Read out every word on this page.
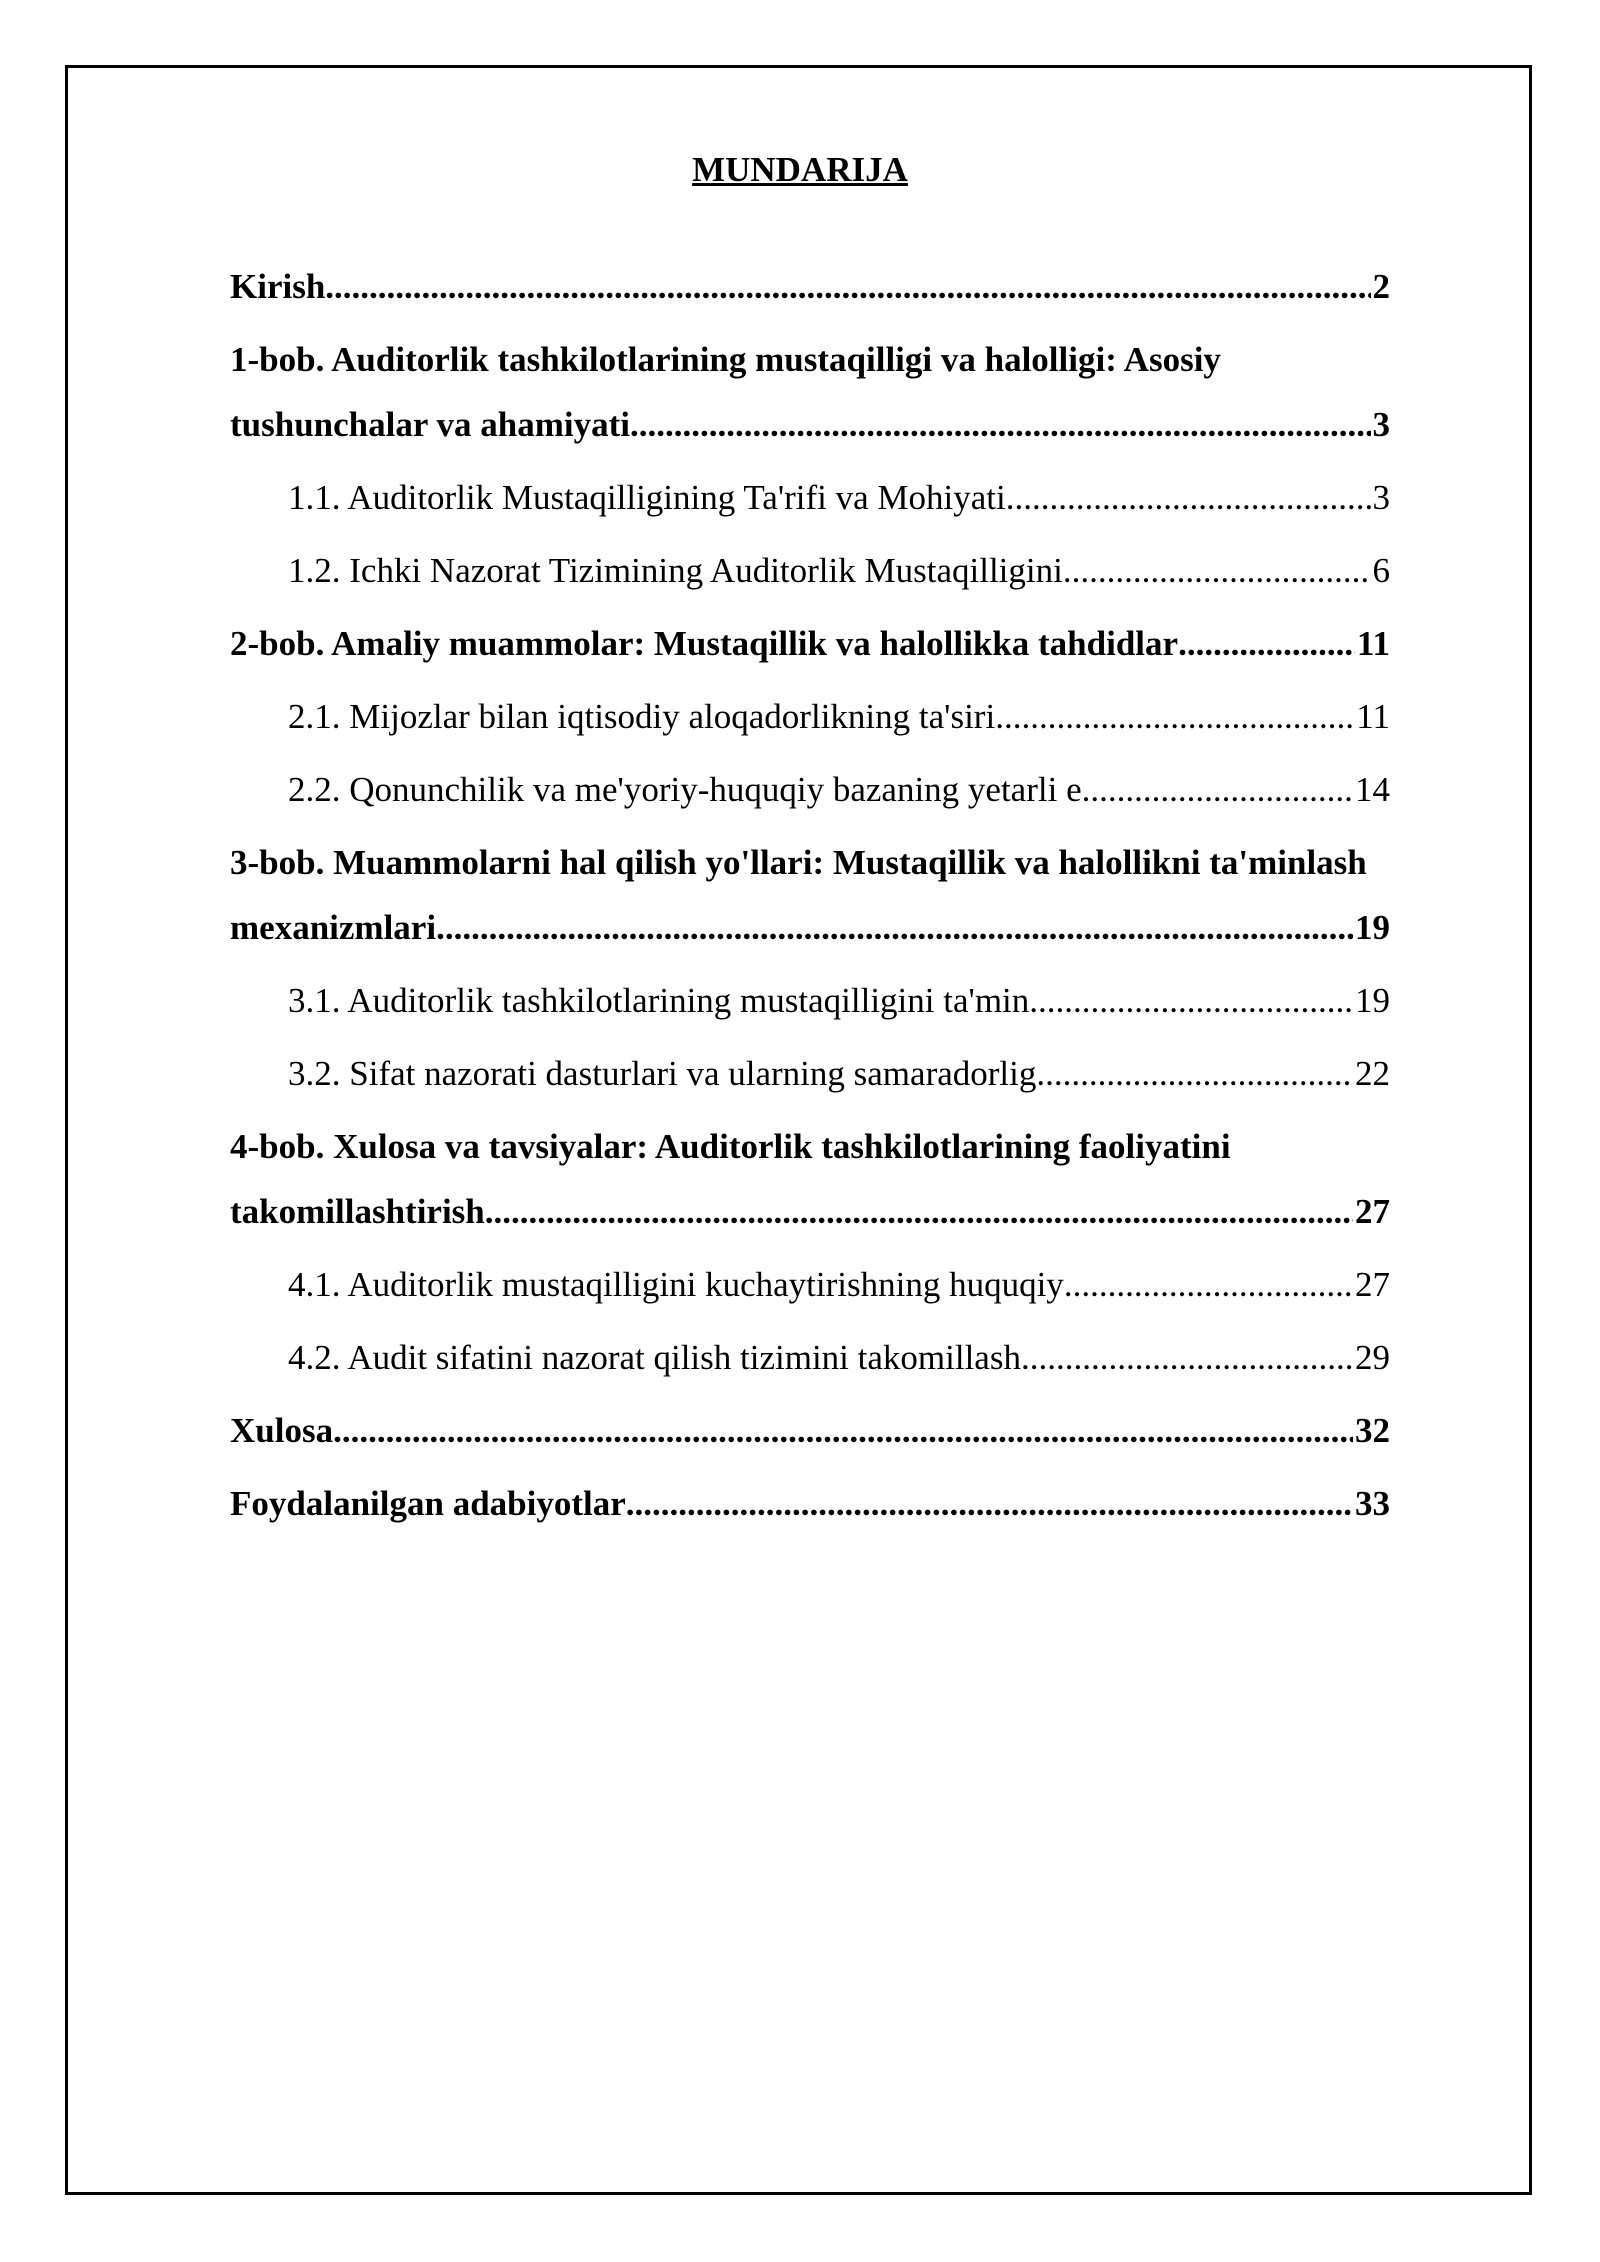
MUNDARIJA
Kirish .....	2
1-bob. Auditorlik tashkilotlarining mustaqilligi va halolligi: Asosiy
tushunchalar va ahamiyati .....	3
1.1. Auditorlik Mustaqilligining Ta'rifi va Mohiyati .....	3
1.2. Ichki Nazorat Tizimining Auditorlik Mustaqilligini .....	6
2-bob. Amaliy muammolar: Mustaqillik va halollikka tahdidlar .....	11
2.1. Mijozlar bilan iqtisodiy aloqadorlikning ta'siri .....	11
2.2. Qonunchilik va me'yoriy-huquqiy bazaning yetarli e .....	14
3-bob. Muammolarni hal qilish yo'llari: Mustaqillik va halollikni ta'minlash
mexanizmlari .....	19
3.1. Auditorlik tashkilotlarining mustaqilligini ta'min .....	19
3.2. Sifat nazorati dasturlari va ularning samaradorlig .....	22
4-bob. Xulosa va tavsiyalar: Auditorlik tashkilotlarining faoliyatini
takomillashtirish .....	27
4.1. Auditorlik mustaqilligini kuchaytirishning huquqiy .....	27
4.2. Audit sifatini nazorat qilish tizimini takomillash .....	29
Xulosa .....	32
Foydalanilgan adabiyotlar .....	33
